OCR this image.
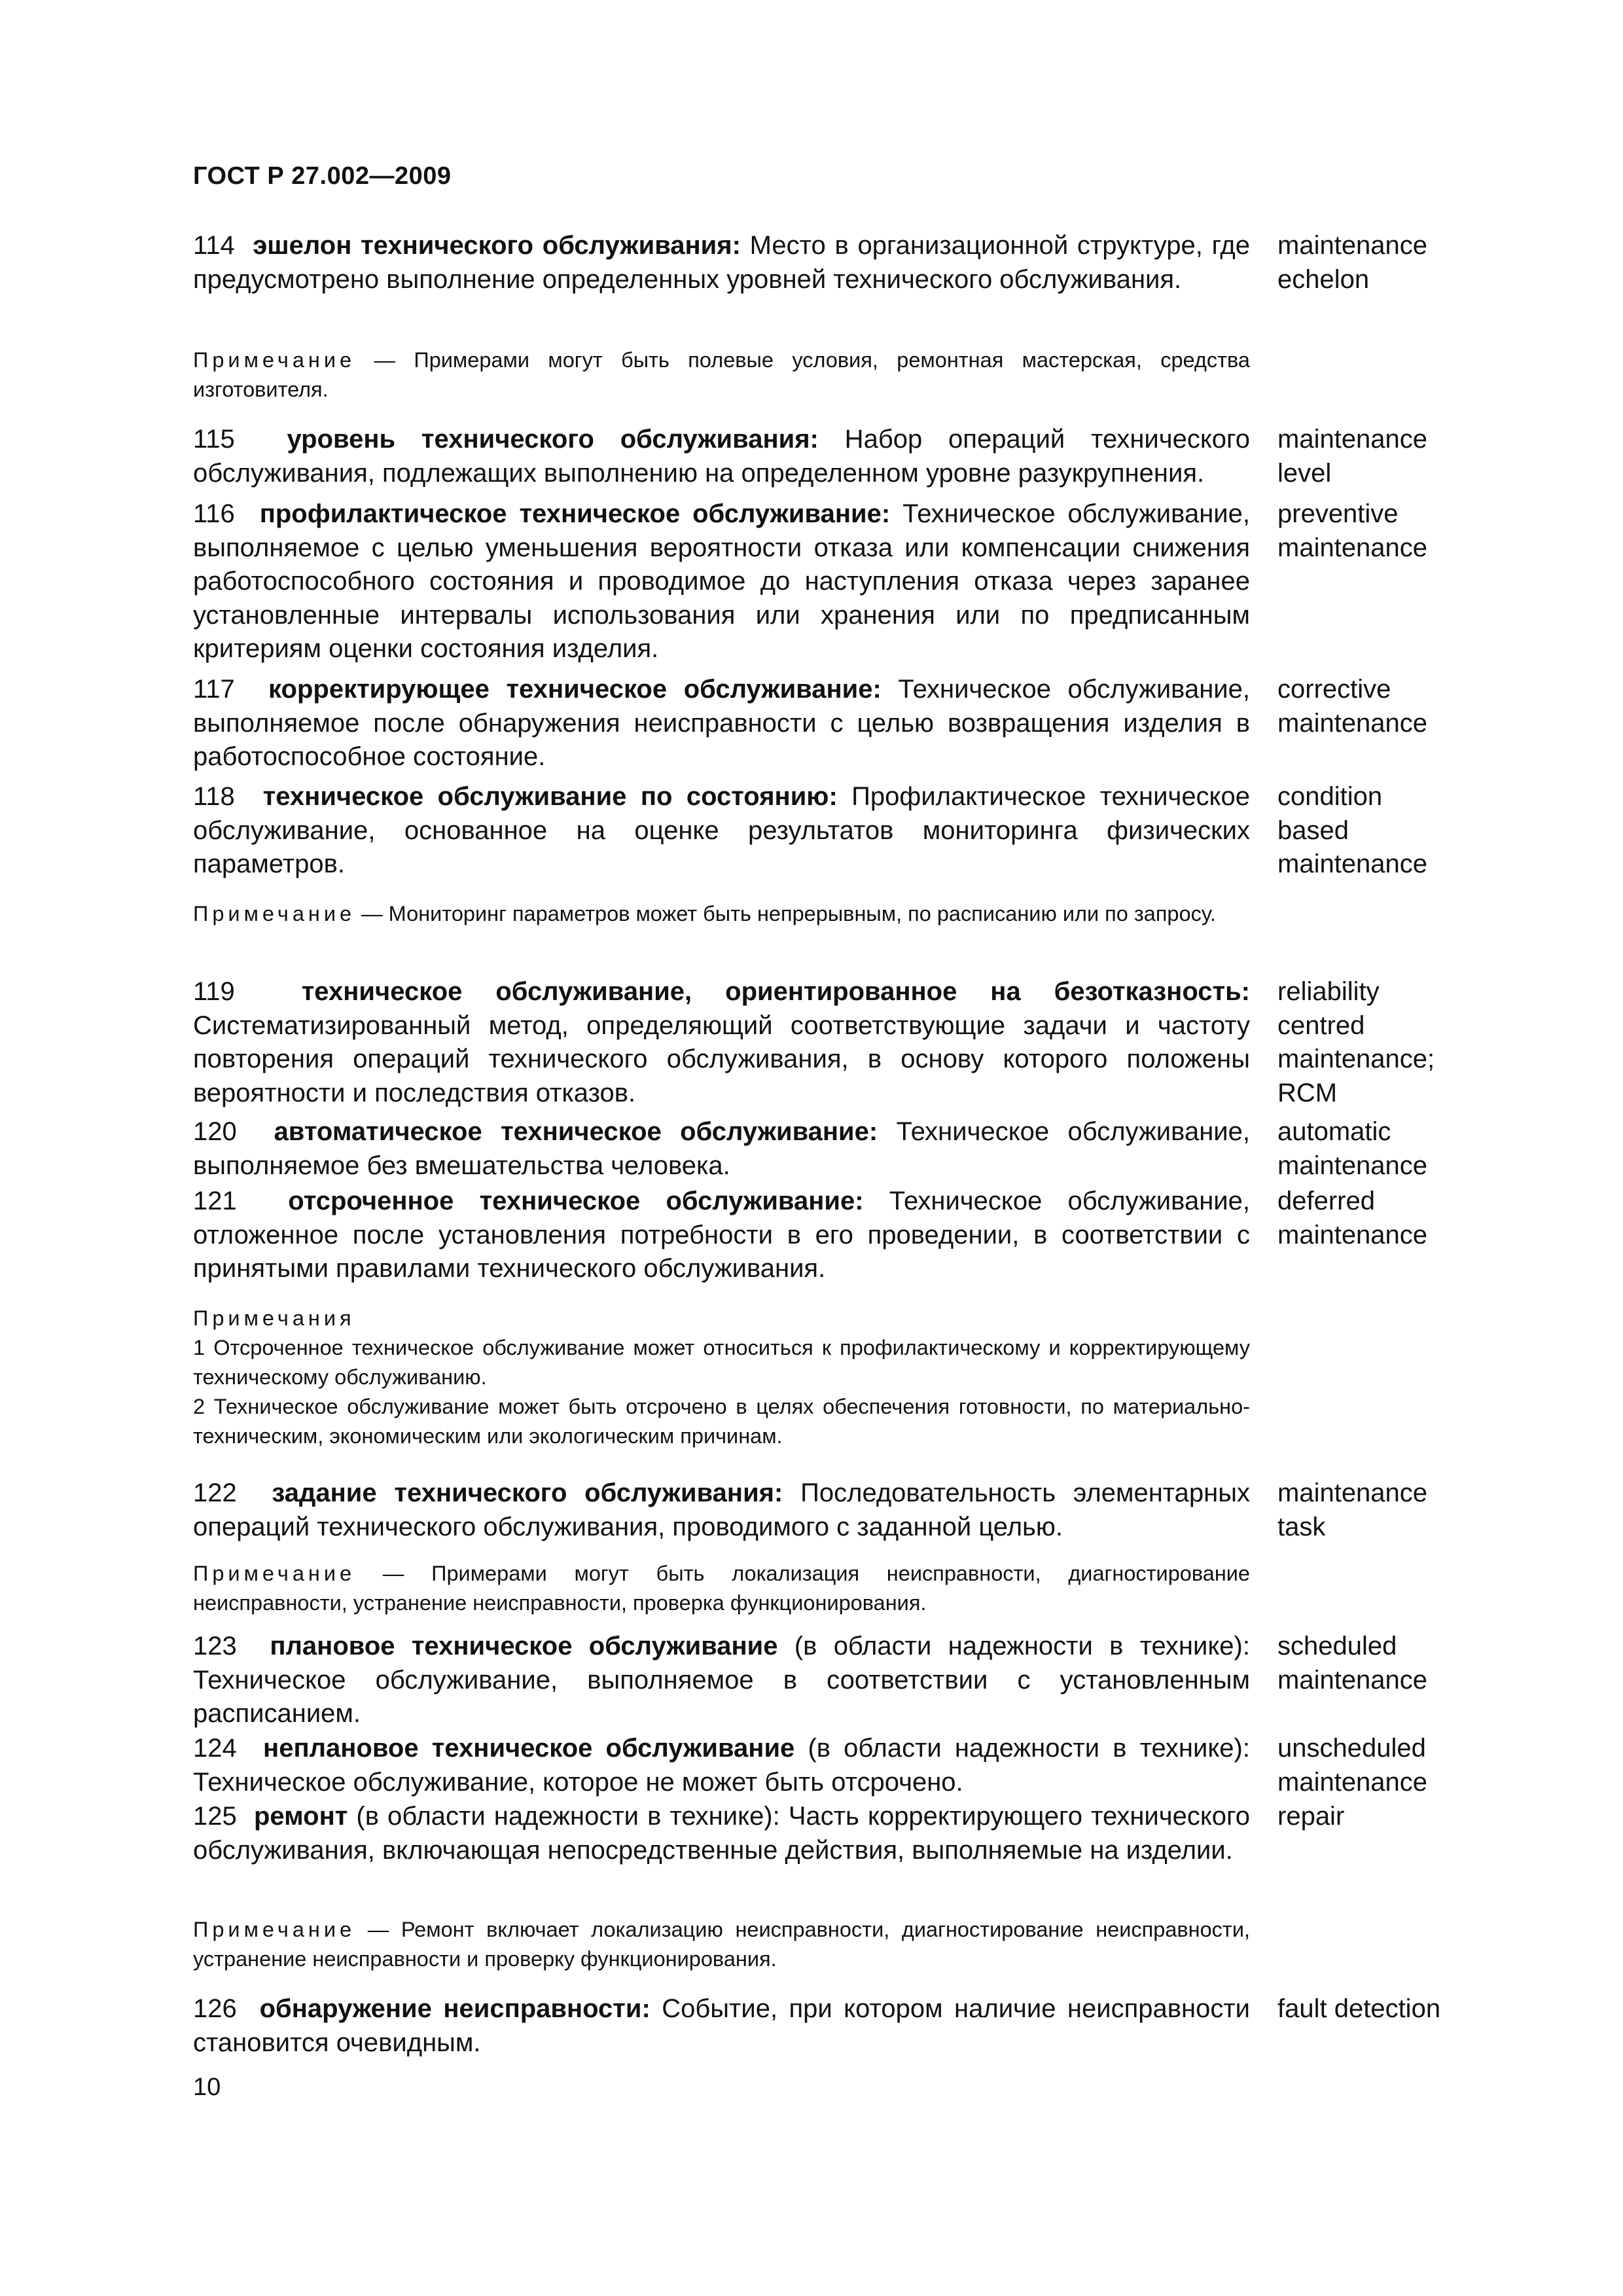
ГОСТ Р 27.002—2009
114 эшелон технического обслуживания: Место в организационной структуре, где предусмотрено выполнение определенных уровней технического обслуживания.
maintenance
echelon
Примечание — Примерами могут быть полевые условия, ремонтная мастерская, средства изготовителя.
115 уровень технического обслуживания: Набор операций технического обслуживания, подлежащих выполнению на определенном уровне разукрупнения.
maintenance
level
116 профилактическое техническое обслуживание: Техническое обслуживание, выполняемое с целью уменьшения вероятности отказа или компенсации снижения работоспособного состояния и проводимое до наступления отказа через заранее установленные интервалы использования или хранения или по предписанным критериям оценки состояния изделия.
preventive
maintenance
117 корректирующее техническое обслуживание: Техническое обслуживание, выполняемое после обнаружения неисправности с целью возвращения изделия в работоспособное состояние.
corrective
maintenance
118 техническое обслуживание по состоянию: Профилактическое техническое обслуживание, основанное на оценке результатов мониторинга физических параметров.
condition
based
maintenance
Примечание — Мониторинг параметров может быть непрерывным, по расписанию или по запросу.
119	техническое обслуживание, ориентированное на безотказность: Систематизированный метод, определяющий соответствующие задачи и частоту повторения операций технического обслуживания, в основу которого положены вероятности и последствия отказов.
reliability
centred
maintenance;
RCM
120 автоматическое техническое обслуживание: Техническое обслуживание, выполняемое без вмешательства человека.
automatic
maintenance
121 отсроченное техническое обслуживание: Техническое обслуживание, отложенное после установления потребности в его проведении, в соответствии с принятыми правилами технического обслуживания.
deferred
maintenance
Примечания
1 Отсроченное техническое обслуживание может относиться к профилактическому и корректирующему техническому обслуживанию.
2 Техническое обслуживание может быть отсрочено в целях обеспечения готовности, по материально-техническим, экономическим или экологическим причинам.
122 задание технического обслуживания: Последовательность элементарных операций технического обслуживания, проводимого с заданной целью.
maintenance
task
Примечание — Примерами могут быть локализация неисправности, диагностирование неисправности, устранение неисправности, проверка функционирования.
123 плановое техническое обслуживание (в области надежности в технике): Техническое обслуживание, выполняемое в соответствии с установленным расписанием.
scheduled
maintenance
124 неплановое техническое обслуживание (в области надежности в технике): Техническое обслуживание, которое не может быть отсрочено.
unscheduled
maintenance
125 ремонт (в области надежности в технике): Часть корректирующего технического обслуживания, включающая непосредственные действия, выполняемые на изделии.
repair
Примечание — Ремонт включает локализацию неисправности, диагностирование неисправности, устранение неисправности и проверку функционирования.
126 обнаружение неисправности: Событие, при котором наличие неисправности становится очевидным.
fault detection
10
